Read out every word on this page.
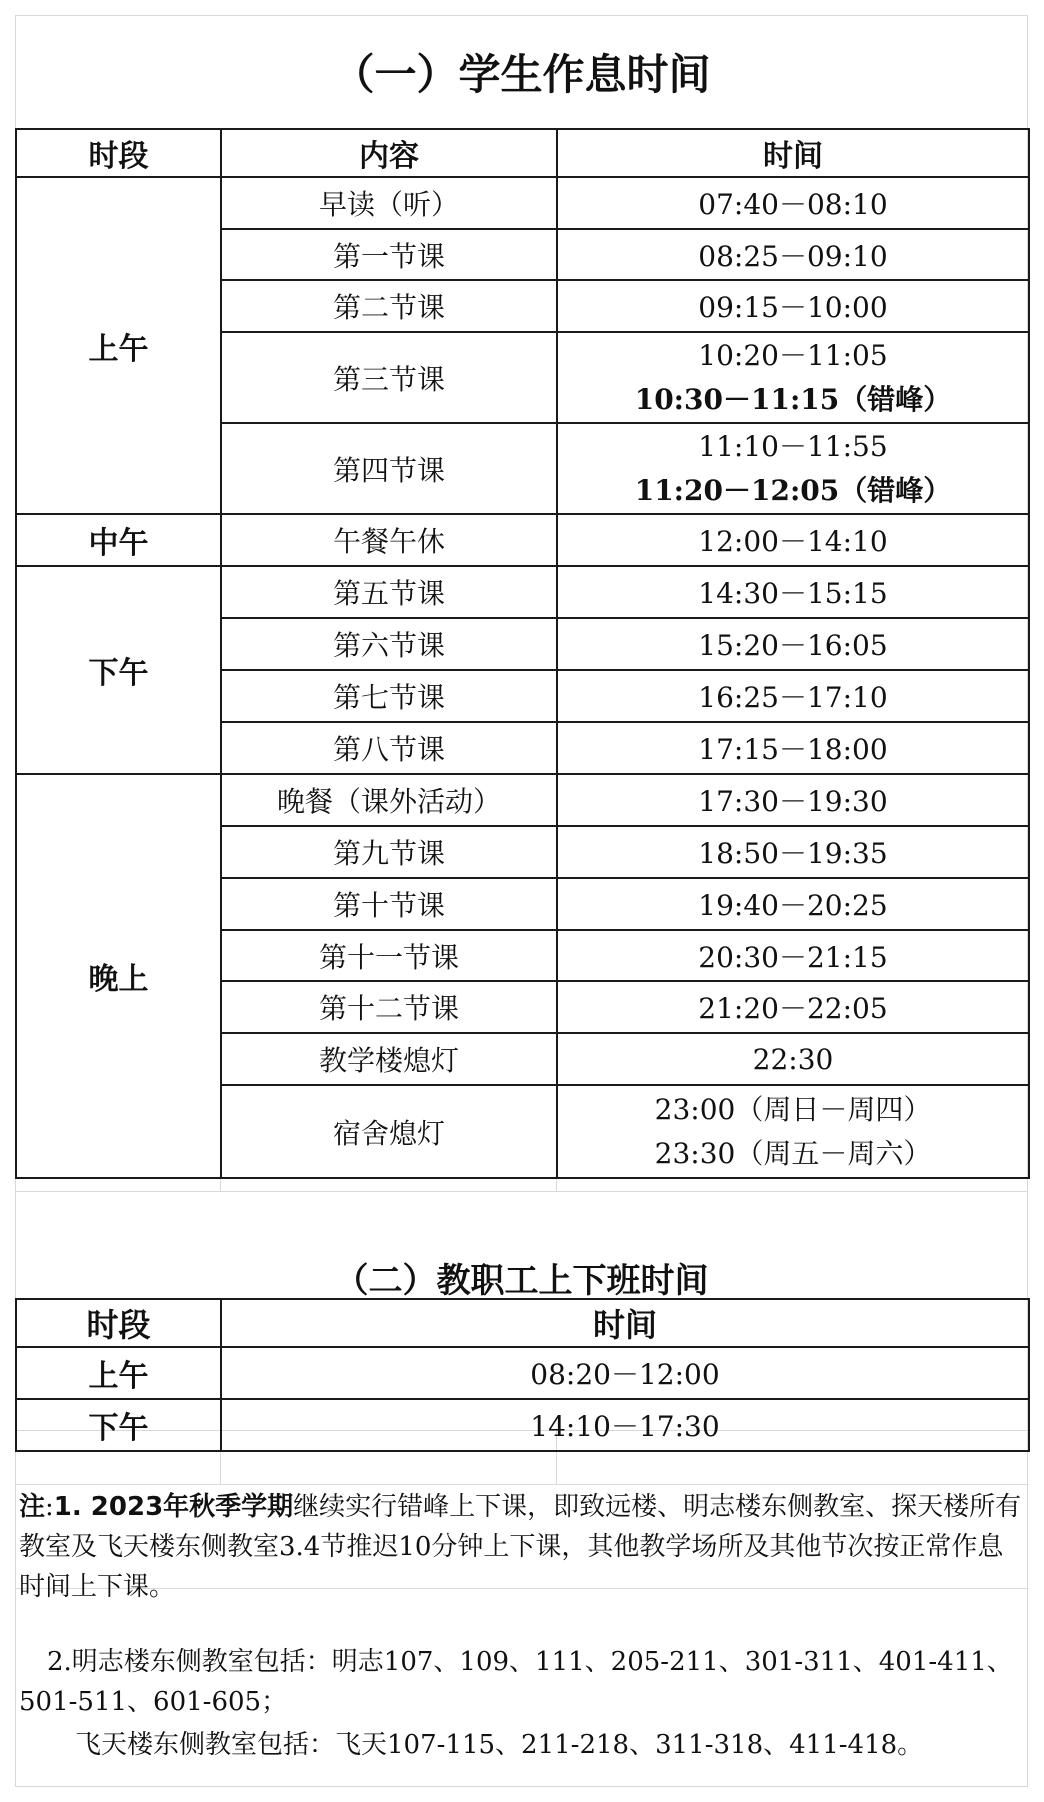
（一）学生作息时间
时段	内容	时间
上午	早读（听）	07:40－08:10
	第一节课	08:25－09:10
	第二节课	09:15－10:00
	第三节课	10:20－11:05
10:30－11:15（错峰）

	第四节课	11:10－11:55
11:20－12:05（错峰）

中午	午餐午休	12:00－14:10
下午	第五节课	14:30－15:15
	第六节课	15:20－16:05
	第七节课	16:25－17:10
	第八节课	17:15－18:00
晚上	晚餐（课外活动）	17:30－19:30
	第九节课	18:50－19:35
	第十节课	19:40－20:25
	第十一节课	20:30－21:15
	第十二节课	21:20－22:05
	教学楼熄灯	22:30
	宿舍熄灯	23:00（周日－周四）
23:30（周五－周六）
（二）教职工上下班时间
时段	时间
上午	08:20－12:00
下午	14:10－17:30
注:1. 2023年秋季学期继续实行错峰上下课，即致远楼、明志楼东侧教室、探天楼所有教室及飞天楼东侧教室3.4节推迟10分钟上下课，其他教学场所及其他节次按正常作息时间上下课。
2.明志楼东侧教室包括：明志107、109、111、205-211、301-311、401-411、501-511、601-605；
飞天楼东侧教室包括：飞天107-115、211-218、311-318、411-418。
